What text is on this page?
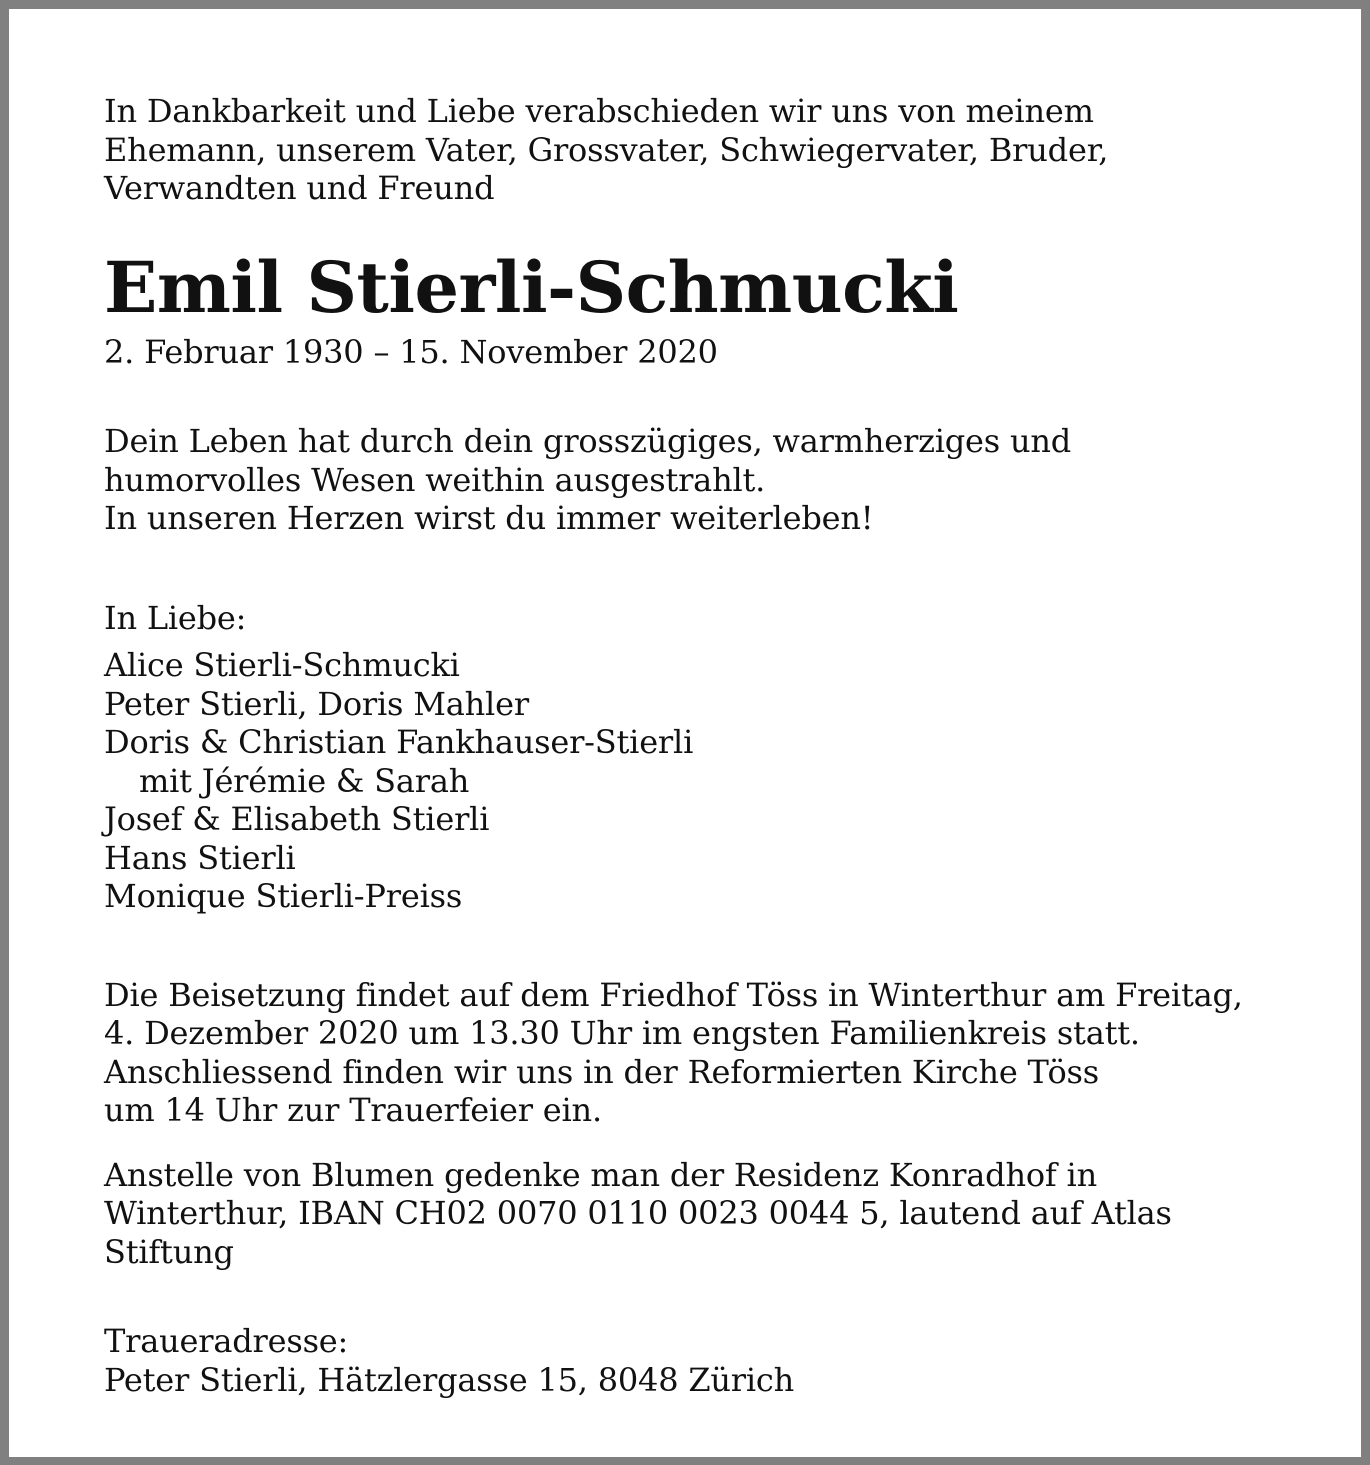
In Dankbarkeit und Liebe verabschieden wir uns von meinem
Ehemann, unserem Vater, Grossvater, Schwiegervater, Bruder,
Verwandten und Freund
Emil Stierli-Schmucki
2. Februar 1930 – 15. November 2020
Dein Leben hat durch dein grosszügiges, warmherziges und
humorvolles Wesen weithin ausgestrahlt.
In unseren Herzen wirst du immer weiterleben!
In Liebe:
Alice Stierli-Schmucki
Peter Stierli, Doris Mahler
Doris & Christian Fankhauser-Stierli
mit Jérémie & Sarah
Josef & Elisabeth Stierli
Hans Stierli
Monique Stierli-Preiss
Die Beisetzung findet auf dem Friedhof Töss in Winterthur am Freitag,
4. Dezember 2020 um 13.30 Uhr im engsten Familienkreis statt.
Anschliessend finden wir uns in der Reformierten Kirche Töss
um 14 Uhr zur Trauerfeier ein.
Anstelle von Blumen gedenke man der Residenz Konradhof in
Winterthur, IBAN CH02 0070 0110 0023 0044 5, lautend auf Atlas
Stiftung
Traueradresse:
Peter Stierli, Hätzlergasse 15, 8048 Zürich
